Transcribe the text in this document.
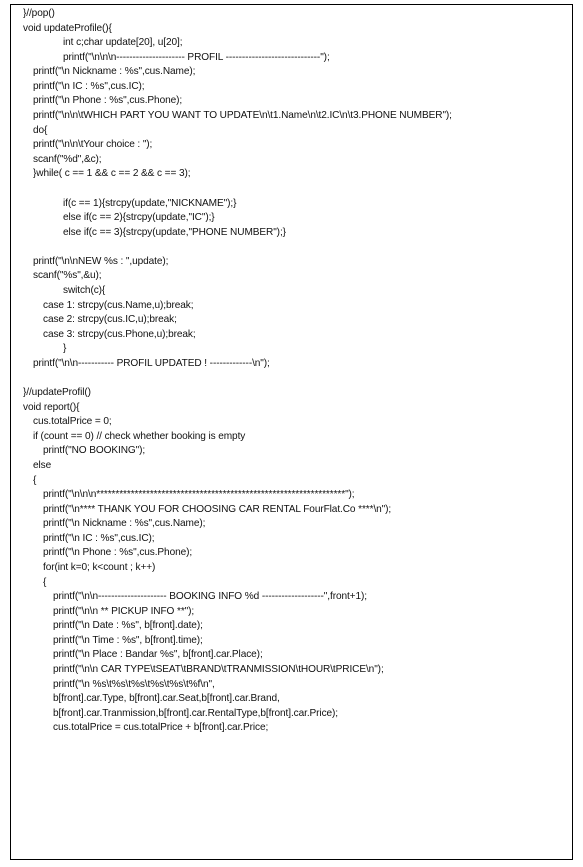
}//pop()
void updateProfile(){
int c;char update[20], u[20];
printf("\n\n\n--------------------- PROFIL -----------------------------");
printf("\n Nickname : %s",cus.Name);
printf("\n IC : %s",cus.IC);
printf("\n Phone : %s",cus.Phone);
printf("\n\n\tWHICH PART YOU WANT TO UPDATE\n\t1.Name\n\t2.IC\n\t3.PHONE NUMBER");
do{
printf("\n\n\tYour choice : ");
scanf("%d",&c);
}while( c == 1 && c == 2 && c == 3);
if(c == 1){strcpy(update,"NICKNAME");}
else if(c == 2){strcpy(update,"IC");}
else if(c == 3){strcpy(update,"PHONE NUMBER");}
printf("\n\nNEW %s : ",update);
scanf("%s",&u);
switch(c){
case 1: strcpy(cus.Name,u);break;
case 2: strcpy(cus.IC,u);break;
case 3: strcpy(cus.Phone,u);break;
}
printf("\n\n----------- PROFIL UPDATED ! -------------\n");
}//updateProfil()
void report(){
cus.totalPrice = 0;
if (count == 0) // check whether booking is empty
printf("NO BOOKING");
else
{
printf("\n\n\n*****************************************************************");
printf("\n**** THANK YOU FOR CHOOSING CAR RENTAL FourFlat.Co ****\n");
printf("\n Nickname : %s",cus.Name);
printf("\n IC : %s",cus.IC);
printf("\n Phone : %s",cus.Phone);
for(int k=0; k<count ; k++)
{
printf("\n\n--------------------- BOOKING INFO %d -------------------",front+1);
printf("\n\n ** PICKUP INFO **");
printf("\n Date : %s", b[front].date);
printf("\n Time : %s", b[front].time);
printf("\n Place : Bandar %s", b[front].car.Place);
printf("\n\n CAR TYPE\tSEAT\tBRAND\tTRANMISSION\tHOUR\tPRICE\n");
printf("\n %s\t%s\t%s\t%s\t%s\t%f\n",
b[front].car.Type, b[front].car.Seat,b[front].car.Brand,
b[front].car.Tranmission,b[front].car.RentalType,b[front].car.Price);
cus.totalPrice = cus.totalPrice + b[front].car.Price;
